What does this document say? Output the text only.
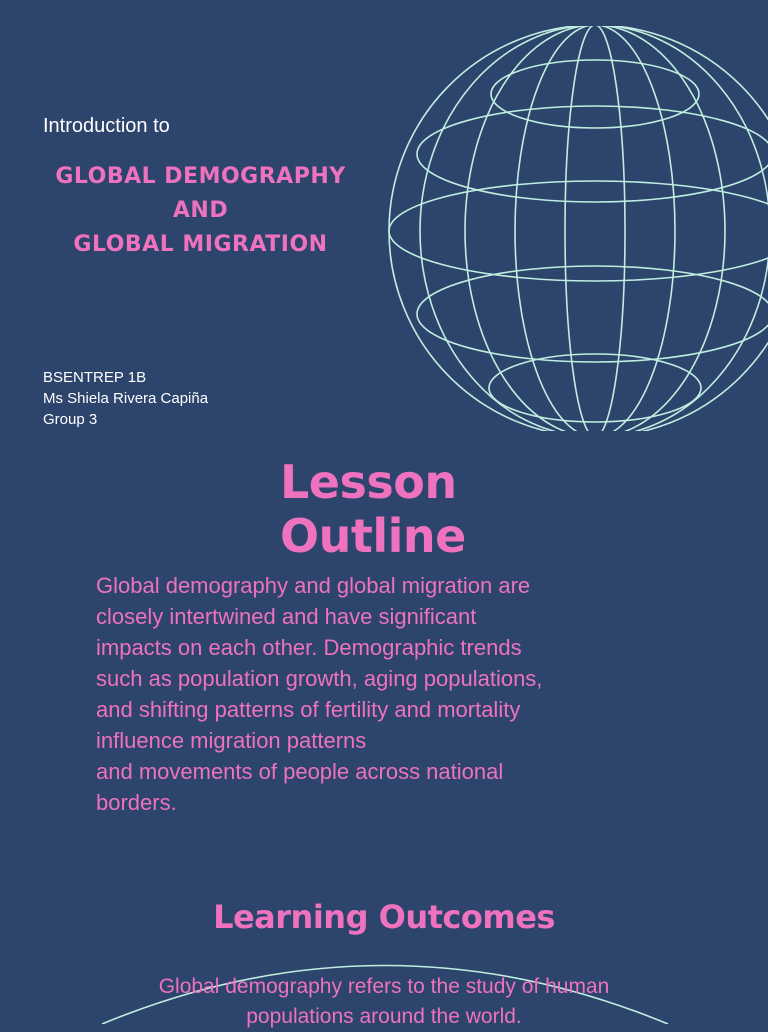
Introduction to
GLOBAL DEMOGRAPHY
AND
GLOBAL MIGRATION
BSENTREP 1B
Ms Shiela Rivera Capiña
Group 3
Lesson
Outline
Global demography and global migration are
closely intertwined and have significant
impacts on each other. Demographic trends
such as population growth, aging populations,
and shifting patterns of fertility and mortality
influence migration patterns
and movements of people across national
borders.
Learning Outcomes
Global demography refers to the study of human
populations around the world.
